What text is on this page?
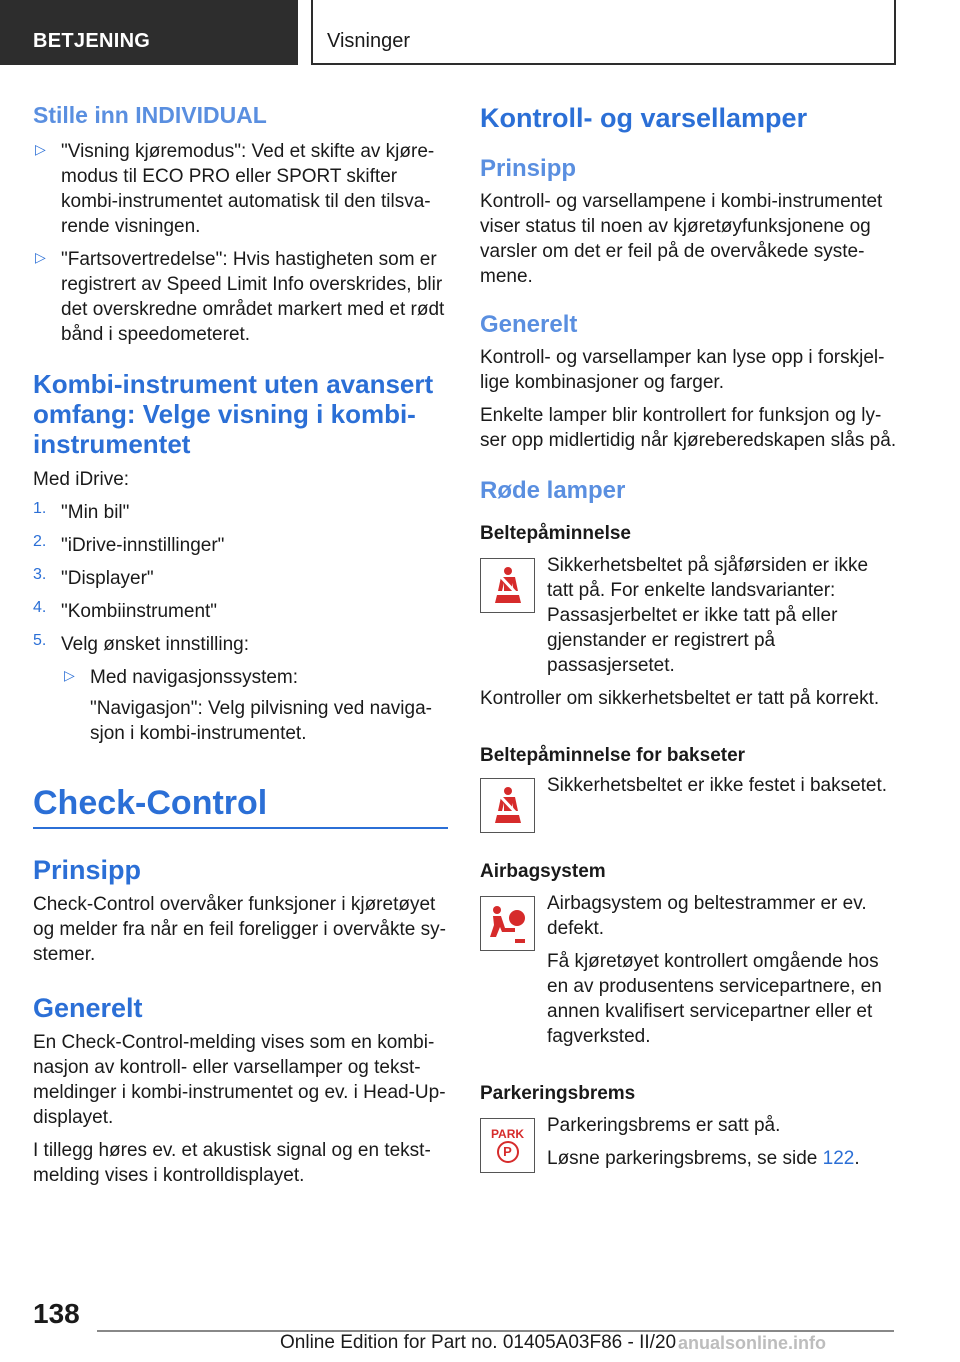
BETJENING	Visninger
Stille inn INDIVIDUAL
▷ "Visning kjøremodus": Ved et skifte av kjøremodus til ECO PRO eller SPORT skifter kombi-instrumentet automatisk til den tilsvarende visningen.

▷ "Fartsovertredelse": Hvis hastigheten som er registrert av Speed Limit Info overskrides, blir det overskredne området markert med et rødt bånd i speedometeret.

Kombi-instrument uten avansert omfang: Velge visning i kombiinstrumentet

Med iDrive:

1. "Min bil"

2. "iDrive-innstillinger"

3. "Displayer"

4. "Kombiinstrument"

5. Velg ønsket innstilling:

▷ Med navigasjonssystem:

"Navigasjon": Velg pilvisning ved navigasjon i kombi-instrumentet.

Check-Control
Prinsipp

Check-Control overvåker funksjoner i kjøretøyet og melder fra når en feil foreligger i overvåkte systemer.

Generelt

En Check-Control-melding vises som en kombinasjon av kontroll- eller varsellamper og tekstmeldinger i kombi-instrumentet og ev. i Head-Up-displayet.

I tillegg høres ev. et akustisk signal og en tekstmelding vises i kontrolldisplayet.

Kontroll- og varsellamper
Prinsipp

Kontroll- og varsellampene i kombi-instrumentet viser status til noen av kjøretøyfunksjonene og varsler om det er feil på de overvåkede systemene.

Generelt

Kontroll- og varsellamper kan lyse opp i forskjellige kombinasjoner og farger.

Enkelte lamper blir kontrollert for funksjon og lyser opp midlertidig når kjøreberedskapen slås på.

Røde lamper
Beltepåminnelse

Sikkerhetsbeltet på sjåførsiden er ikke tatt på. For enkelte landsvarianter: Passasjerbeltet er ikke tatt på eller gjenstander er registrert på passasjersetet.

Kontroller om sikkerhetsbeltet er tatt på korrekt.

Beltepåminnelse for bakseter

Sikkerhetsbeltet er ikke festet i baksetet.

Airbagsystem

Airbagsystem og beltestrammer er ev. defekt.

Få kjøretøyet kontrollert omgående hos en av produsentens servicepartnere, en annen kvalifisert servicepartner eller et fagverksted.

Parkeringsbrems
PARK
P

Parkeringsbrems er satt på.

Løsne parkeringsbrems, se side 122.

138
Online Edition for Part no. 01405A03F86 - II/20 anualsonline.info
